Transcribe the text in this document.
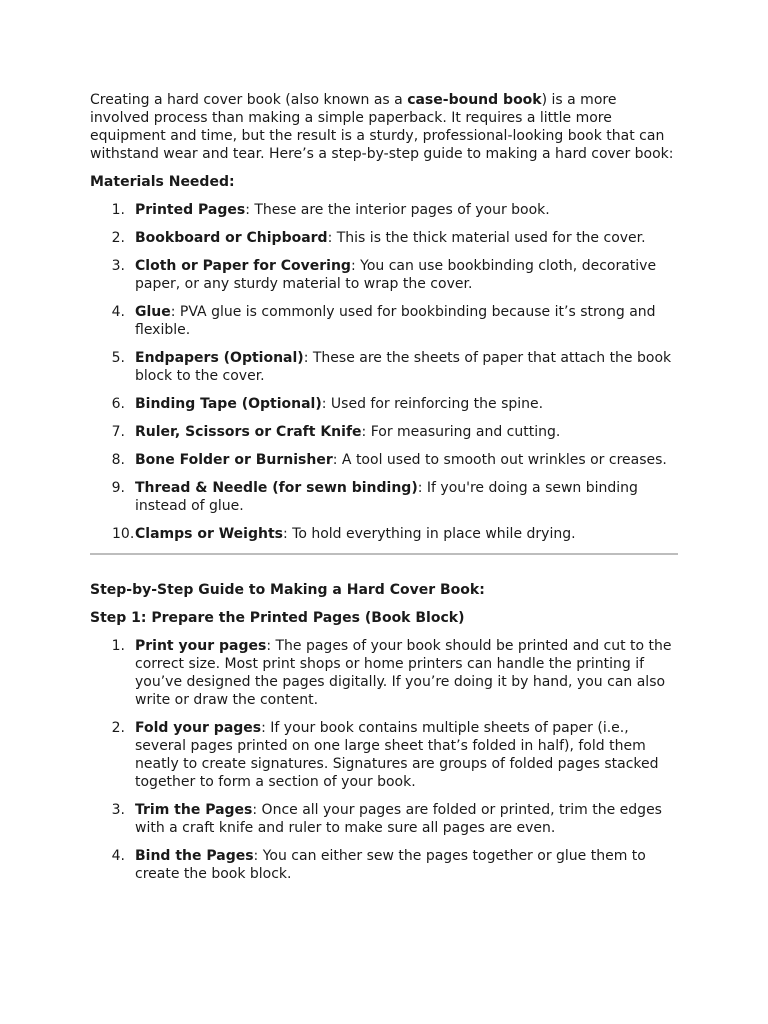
Creating a hard cover book (also known as a case-bound book) is a more involved process than making a simple paperback. It requires a little more equipment and time, but the result is a sturdy, professional-looking book that can withstand wear and tear. Here’s a step-by-step guide to making a hard cover book:

Materials Needed:

1. Printed Pages: These are the interior pages of your book.
2. Bookboard or Chipboard: This is the thick material used for the cover.
3. Cloth or Paper for Covering: You can use bookbinding cloth, decorative paper, or any sturdy material to wrap the cover.
4. Glue: PVA glue is commonly used for bookbinding because it’s strong and flexible.
5. Endpapers (Optional): These are the sheets of paper that attach the book block to the cover.
6. Binding Tape (Optional): Used for reinforcing the spine.
7. Ruler, Scissors or Craft Knife: For measuring and cutting.
8. Bone Folder or Burnisher: A tool used to smooth out wrinkles or creases.
9. Thread & Needle (for sewn binding): If you're doing a sewn binding instead of glue.
10. Clamps or Weights: To hold everything in place while drying.

Step-by-Step Guide to Making a Hard Cover Book:

Step 1: Prepare the Printed Pages (Book Block)

1. Print your pages: The pages of your book should be printed and cut to the correct size. Most print shops or home printers can handle the printing if you’ve designed the pages digitally. If you’re doing it by hand, you can also write or draw the content.
2. Fold your pages: If your book contains multiple sheets of paper (i.e., several pages printed on one large sheet that’s folded in half), fold them neatly to create signatures. Signatures are groups of folded pages stacked together to form a section of your book.
3. Trim the Pages: Once all your pages are folded or printed, trim the edges with a craft knife and ruler to make sure all pages are even.
4. Bind the Pages: You can either sew the pages together or glue them to create the book block.
